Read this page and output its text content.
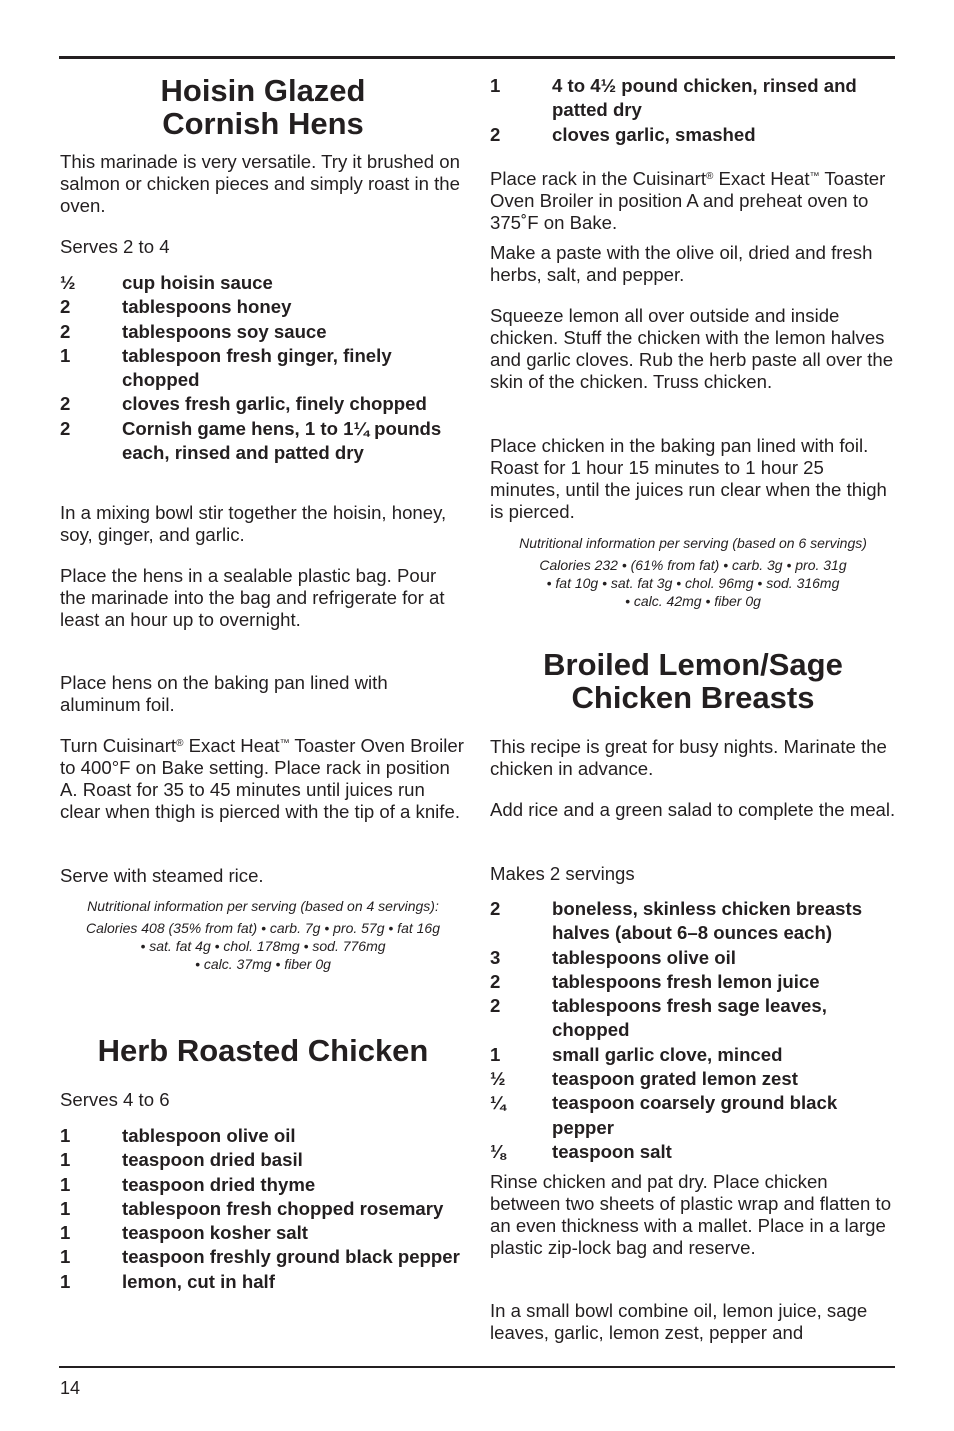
Hoisin Glazed
Cornish Hens

This marinade is very versatile. Try it brushed on salmon or chicken pieces and simply roast in the oven.

Serves 2 to 4

½	cup hoisin sauce
2	tablespoons honey
2	tablespoons soy sauce
1	tablespoon fresh ginger, finely chopped
2	cloves fresh garlic, finely chopped
2	Cornish game hens, 1 to 1¼ pounds each, rinsed and patted dry

In a mixing bowl stir together the hoisin, honey, soy, ginger, and garlic.

Place the hens in a sealable plastic bag. Pour the marinade into the bag and refrigerate for at least an hour up to overnight.

Place hens on the baking pan lined with aluminum foil.

Turn Cuisinart® Exact Heat™ Toaster Oven Broiler to 400°F on Bake setting. Place rack in position A. Roast for 35 to 45 minutes until juices run clear when thigh is pierced with the tip of a knife.

Serve with steamed rice.

Nutritional information per serving (based on 4 servings):
Calories 408 (35% from fat) • carb. 7g • pro. 57g • fat 16g
• sat. fat 4g • chol. 178mg • sod. 776mg
• calc. 37mg • fiber 0g
Herb Roasted Chicken

Serves 4 to 6

1	tablespoon olive oil
1	teaspoon dried basil
1	teaspoon dried thyme
1	tablespoon fresh chopped rosemary
1	teaspoon kosher salt
1	teaspoon freshly ground black pepper
1	lemon, cut in half
1	4 to 4½ pound chicken, rinsed and patted dry
2	cloves garlic, smashed

Place rack in the Cuisinart® Exact Heat™ Toaster Oven Broiler in position A and preheat oven to 375˚F on Bake.

Make a paste with the olive oil, dried and fresh herbs, salt, and pepper.

Squeeze lemon all over outside and inside chicken. Stuff the chicken with the lemon halves and garlic cloves. Rub the herb paste all over the skin of the chicken. Truss chicken.

Place chicken in the baking pan lined with foil. Roast for 1 hour 15 minutes to 1 hour 25 minutes, until the juices run clear when the thigh is pierced.

Nutritional information per serving (based on 6 servings)
Calories 232 • (61% from fat) • carb. 3g • pro. 31g
• fat 10g • sat. fat 3g • chol. 96mg • sod. 316mg
• calc. 42mg • fiber 0g
Broiled Lemon/Sage
Chicken Breasts

This recipe is great for busy nights. Marinate the chicken in advance.

Add rice and a green salad to complete the meal.

Makes 2 servings

2	boneless, skinless chicken breasts halves (about 6–8 ounces each)
3	tablespoons olive oil
2	tablespoons fresh lemon juice
2	tablespoons fresh sage leaves, chopped
1	small garlic clove, minced
½	teaspoon grated lemon zest
¼	teaspoon coarsely ground black pepper
⅛	teaspoon salt

Rinse chicken and pat dry. Place chicken between two sheets of plastic wrap and flatten to an even thickness with a mallet. Place in a large plastic zip-lock bag and reserve.

In a small bowl combine oil, lemon juice, sage leaves, garlic, lemon zest, pepper and

14
